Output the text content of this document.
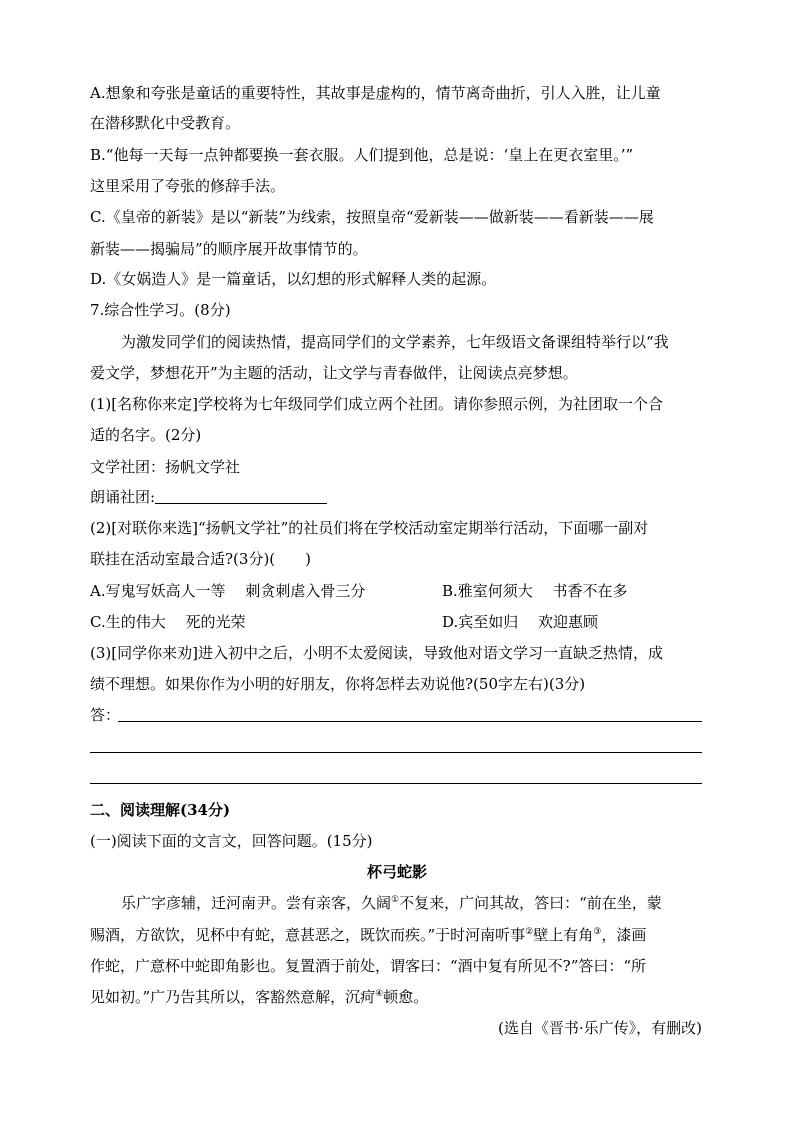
A.想象和夸张是童话的重要特性，其故事是虚构的，情节离奇曲折，引人入胜，让儿童
在潜移默化中受教育。
B.“他每一天每一点钟都要换一套衣服。人们提到他，总是说：‘皇上在更衣室里。’”
这里采用了夸张的修辞手法。
C.《皇帝的新装》是以“新装”为线索，按照皇帝“爱新装——做新装——看新装——展
新装——揭骗局”的顺序展开故事情节的。
D.《女娲造人》是一篇童话，以幻想的形式解释人类的起源。
7.综合性学习。(8分)
为激发同学们的阅读热情，提高同学们的文学素养，七年级语文备课组特举行以“我
爱文学，梦想花开”为主题的活动，让文学与青春做伴，让阅读点亮梦想。
(1)[名称你来定]学校将为七年级同学们成立两个社团。请你参照示例，为社团取一个合
适的名字。(2分)
文学社团：扬帆文学社
朗诵社团:
(2)[对联你来选]“扬帆文学社”的社员们将在学校活动室定期举行活动，下面哪一副对
联挂在活动室最合适?(3分)(　　)
A.写鬼写妖高人一等　 刺贪刺虐入骨三分	B.雅室何须大　 书香不在多
C.生的伟大　 死的光荣	D.宾至如归　 欢迎惠顾
(3)[同学你来劝]进入初中之后，小明不太爱阅读，导致他对语文学习一直缺乏热情，成
绩不理想。如果你作为小明的好朋友，你将怎样去劝说他?(50字左右)(3分)
答：
二、阅读理解(34分)
(一)阅读下面的文言文，回答问题。(15分)
杯弓蛇影
乐广字彦辅，迁河南尹。尝有亲客，久阔①不复来，广问其故，答曰：“前在坐，蒙
赐酒，方欲饮，见杯中有蛇，意甚恶之，既饮而疾。”于时河南听事②壁上有角③，漆画
作蛇，广意杯中蛇即角影也。复置酒于前处，谓客曰：“酒中复有所见不?”答曰：“所
见如初。”广乃告其所以，客豁然意解，沉疴④顿愈。
(选自《晋书·乐广传》，有删改)
